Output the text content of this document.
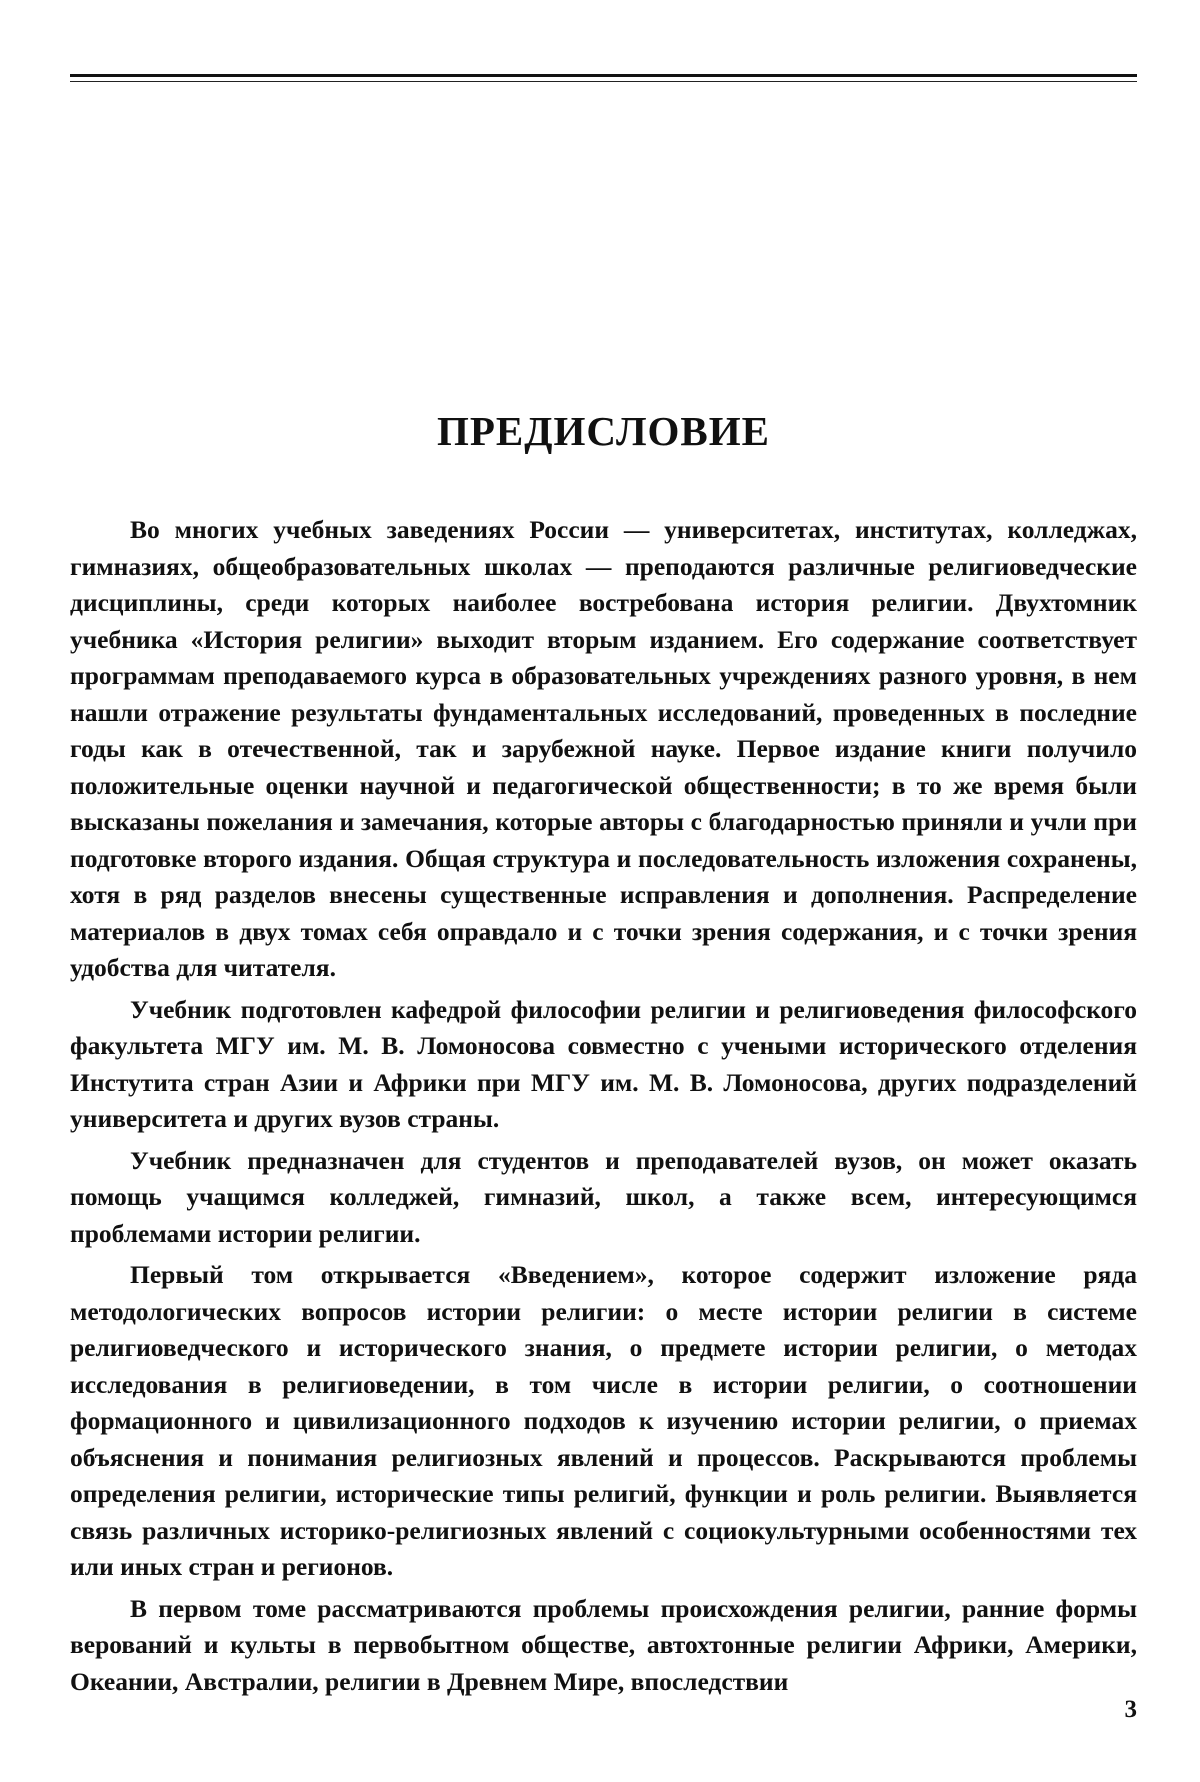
ПРЕДИСЛОВИЕ

Во многих учебных заведениях России — университетах, институтах, колледжах, гимназиях, общеобразовательных школах — преподаются различные религиоведческие дисциплины, среди которых наиболее востребована история религии. Двухтомник учебника «История религии» выходит вторым изданием. Его содержание соответствует программам преподаваемого курса в образовательных учреждениях разного уровня, в нем нашли отражение результаты фундаментальных исследований, проведенных в последние годы как в отечественной, так и зарубежной науке. Первое издание книги получило положительные оценки научной и педагогической общественности; в то же время были высказаны пожелания и замечания, которые авторы с благодарностью приняли и учли при подготовке второго издания. Общая структура и последовательность изложения сохранены, хотя в ряд разделов внесены существенные исправления и дополнения. Распределение материалов в двух томах себя оправдало и с точки зрения содержания, и с точки зрения удобства для читателя.

Учебник подготовлен кафедрой философии религии и религиоведения философского факультета МГУ им. М. В. Ломоносова совместно с учеными исторического отделения Инстутита стран Азии и Африки при МГУ им. М. В. Ломоносова, других подразделений университета и других вузов страны.

Учебник предназначен для студентов и преподавателей вузов, он может оказать помощь учащимся колледжей, гимназий, школ, а также всем, интересующимся проблемами истории религии.

Первый том открывается «Введением», которое содержит изложение ряда методологических вопросов истории религии: о месте истории религии в системе религиоведческого и исторического знания, о предмете истории религии, о методах исследования в религиоведении, в том числе в истории религии, о соотношении формационного и цивилизационного подходов к изучению истории религии, о приемах объяснения и понимания религиозных явлений и процессов. Раскрываются проблемы определения религии, исторические типы религий, функции и роль религии. Выявляется связь различных историко-религиозных явлений с социокультурными особенностями тех или иных стран и регионов.

В первом томе рассматриваются проблемы происхождения религии, ранние формы верований и культы в первобытном обществе, автохтонные религии Африки, Америки, Океании, Австралии, религии в Древнем Мире, впоследствии

3
